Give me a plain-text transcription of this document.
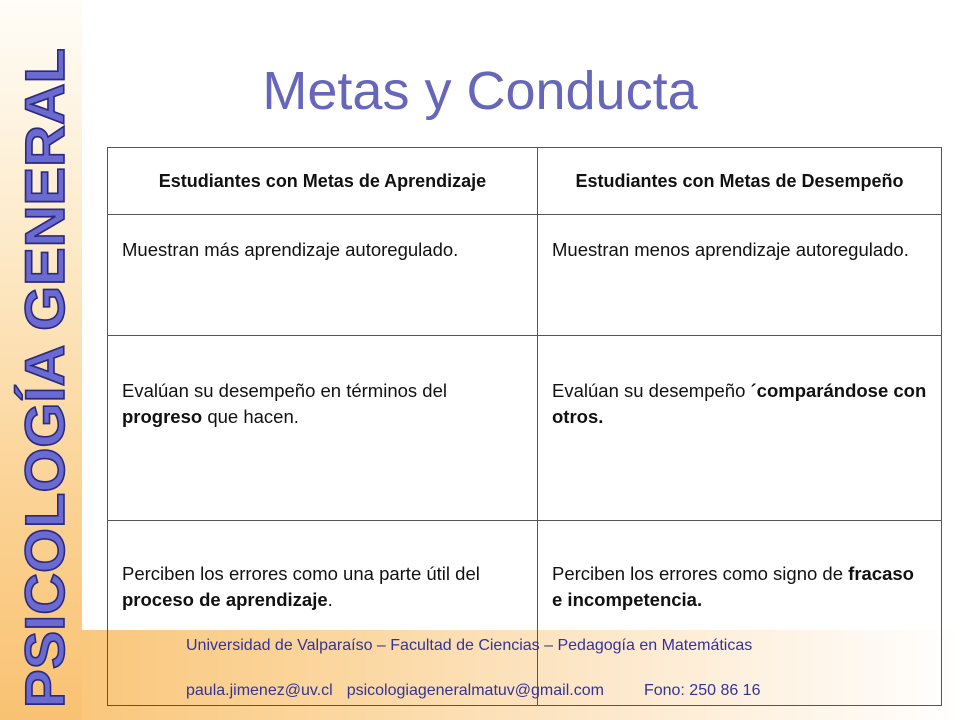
PSICOLOGÍA GENERAL	Metas y Conducta
Estudiantes con Metas de Aprendizaje	Estudiantes con Metas de Desempeño
Muestran más aprendizaje autoregulado.	Muestran menos aprendizaje autoregulado.
Evalúan su desempeño en términos del progreso que hacen.	Evalúan su desempeño ´comparándose con otros.
Perciben los errores como una parte útil del proceso de aprendizaje.	Perciben los errores como signo de fracaso e incompetencia.
Universidad de Valparaíso – Facultad de Ciencias – Pedagogía en Matemáticas
paula.jimenez@uv.cl psicologiageneralmatuv@gmail.com	Fono: 250 86 16
